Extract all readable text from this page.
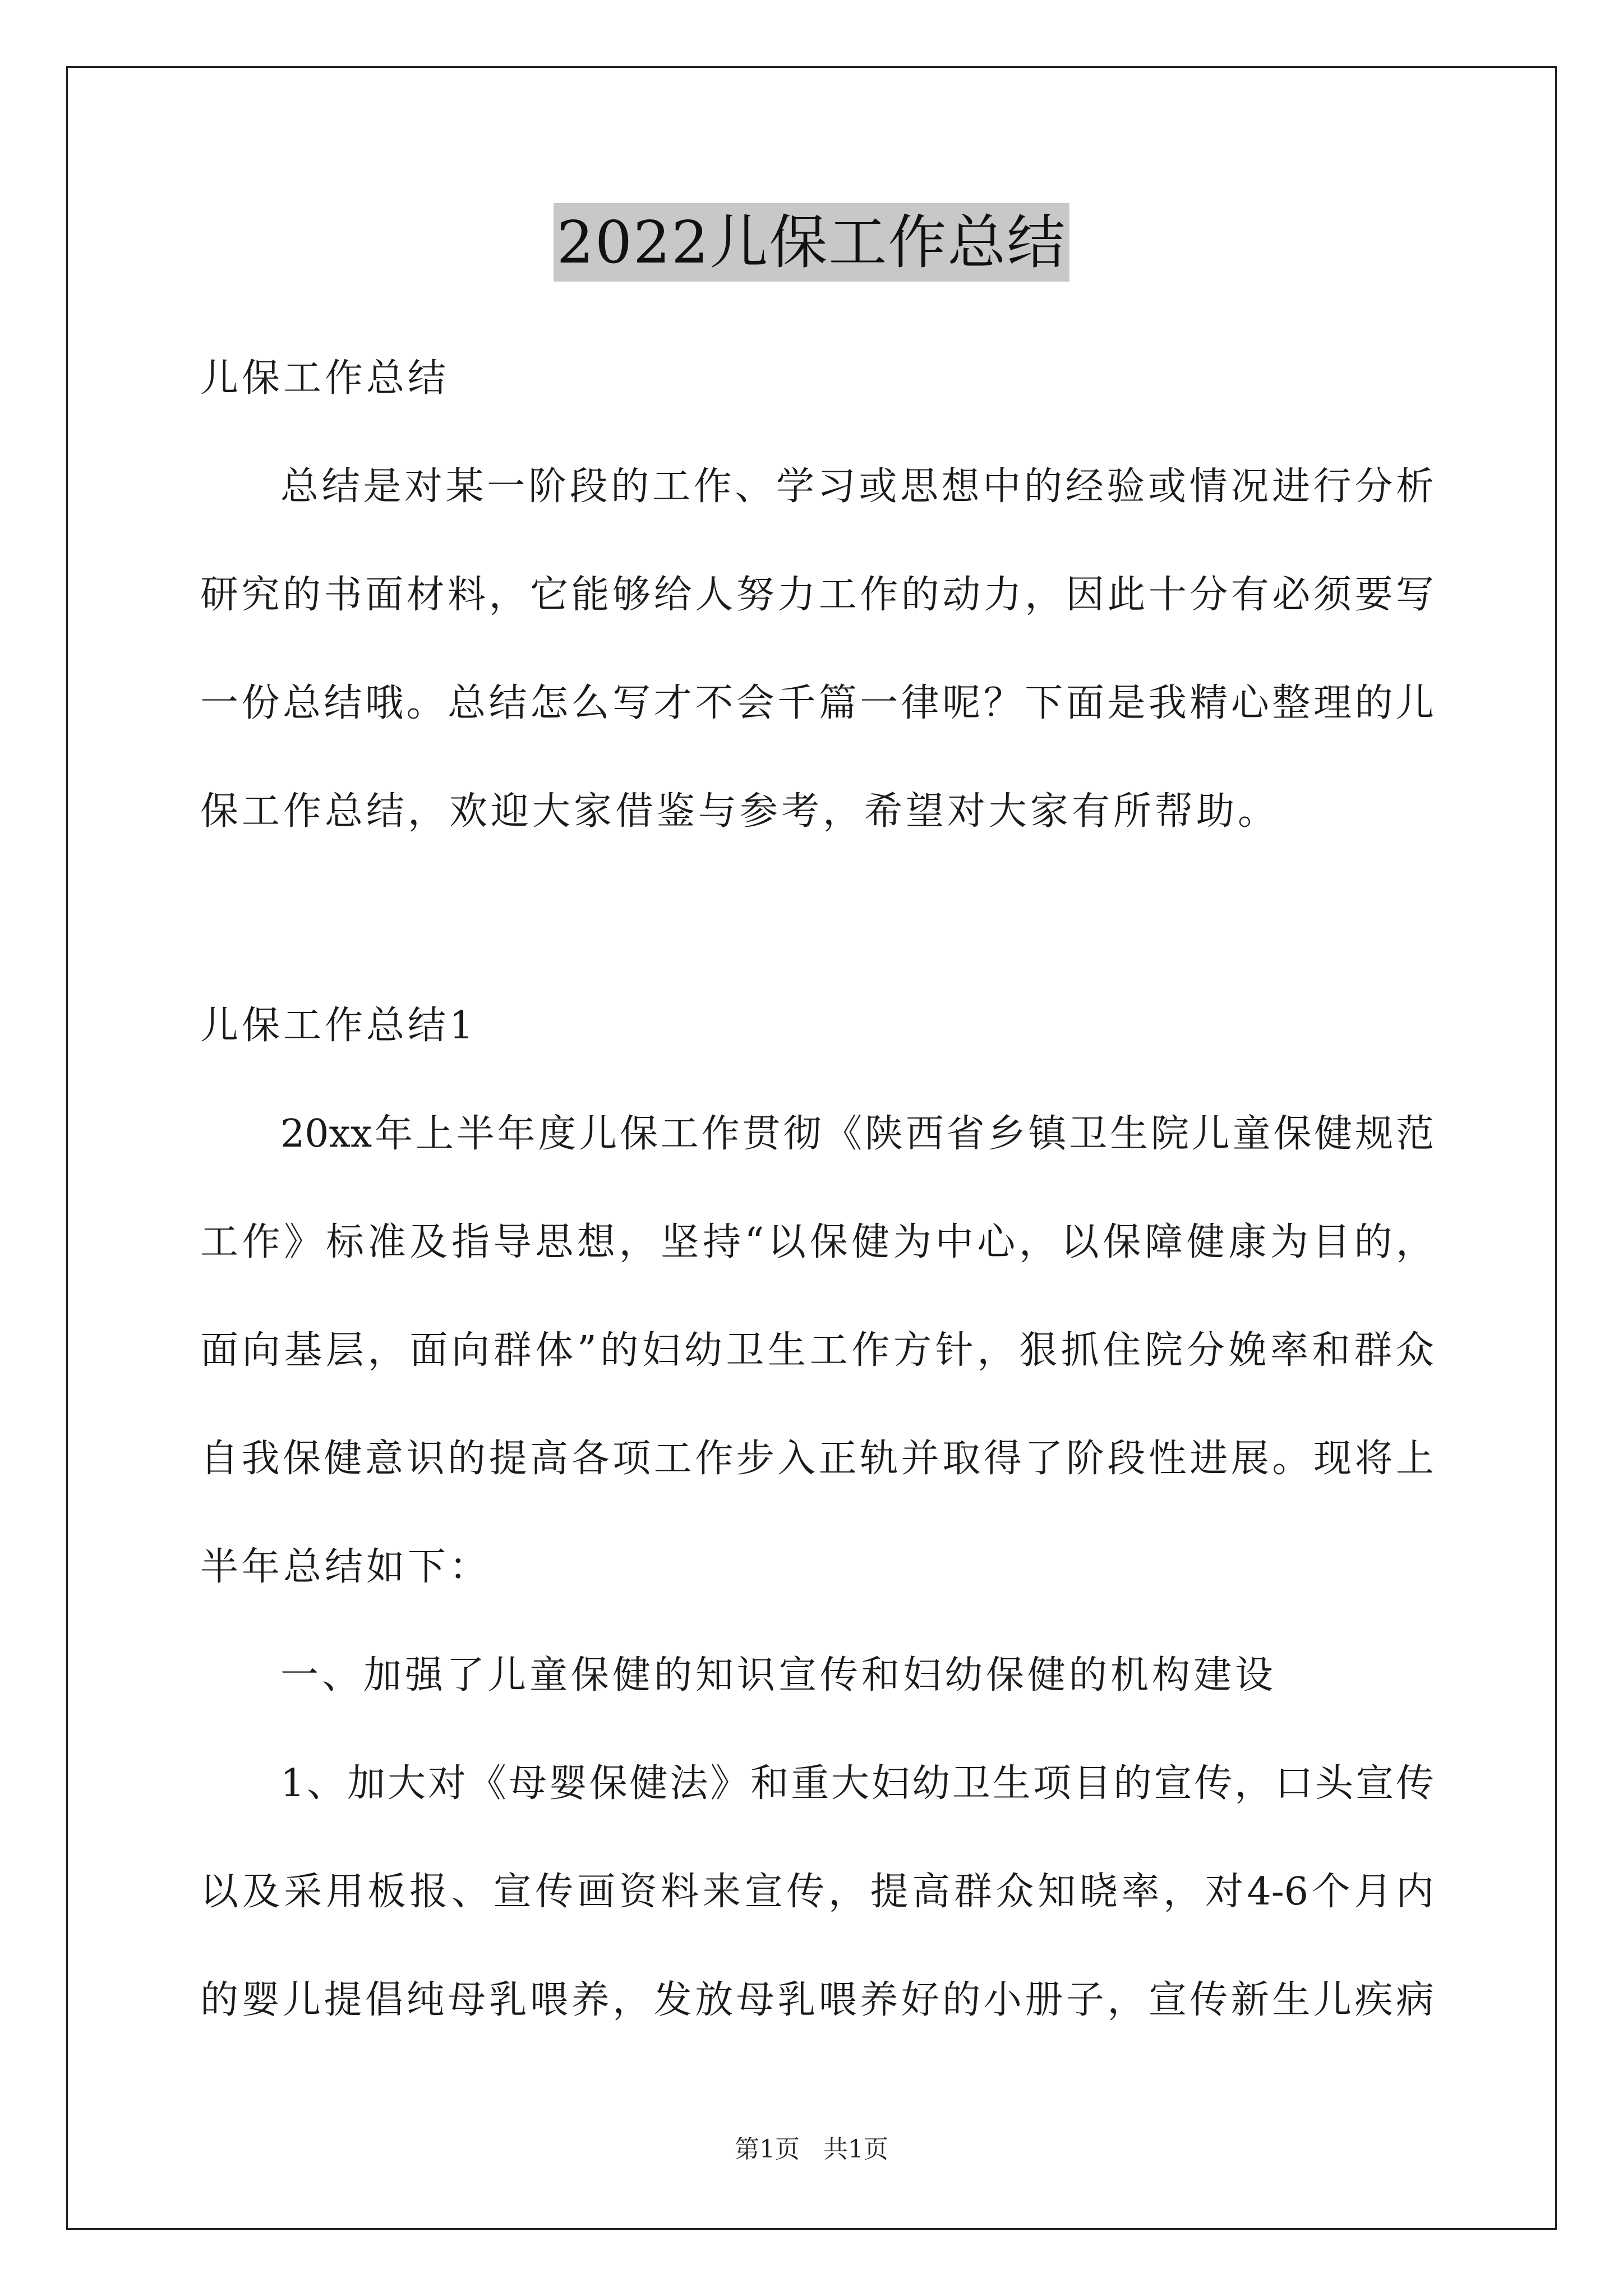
2022儿保工作总结
儿保工作总结
总结是对某一阶段的工作、学习或思想中的经验或情况进行分析
研究的书面材料，它能够给人努力工作的动力，因此十分有必须要写
一份总结哦。总结怎么写才不会千篇一律呢？下面是我精心整理的儿
保工作总结，欢迎大家借鉴与参考，希望对大家有所帮助。
儿保工作总结1
20xx年上半年度儿保工作贯彻《陕西省乡镇卫生院儿童保健规范
工作》标准及指导思想，坚持“以保健为中心，以保障健康为目的，
面向基层，面向群体”的妇幼卫生工作方针，狠抓住院分娩率和群众
自我保健意识的提高各项工作步入正轨并取得了阶段性进展。现将上
半年总结如下：
一、加强了儿童保健的知识宣传和妇幼保健的机构建设
1、加大对《母婴保健法》和重大妇幼卫生项目的宣传，口头宣传
以及采用板报、宣传画资料来宣传，提高群众知晓率，对4-6个月内
的婴儿提倡纯母乳喂养，发放母乳喂养好的小册子，宣传新生儿疾病
第1页 共1页
